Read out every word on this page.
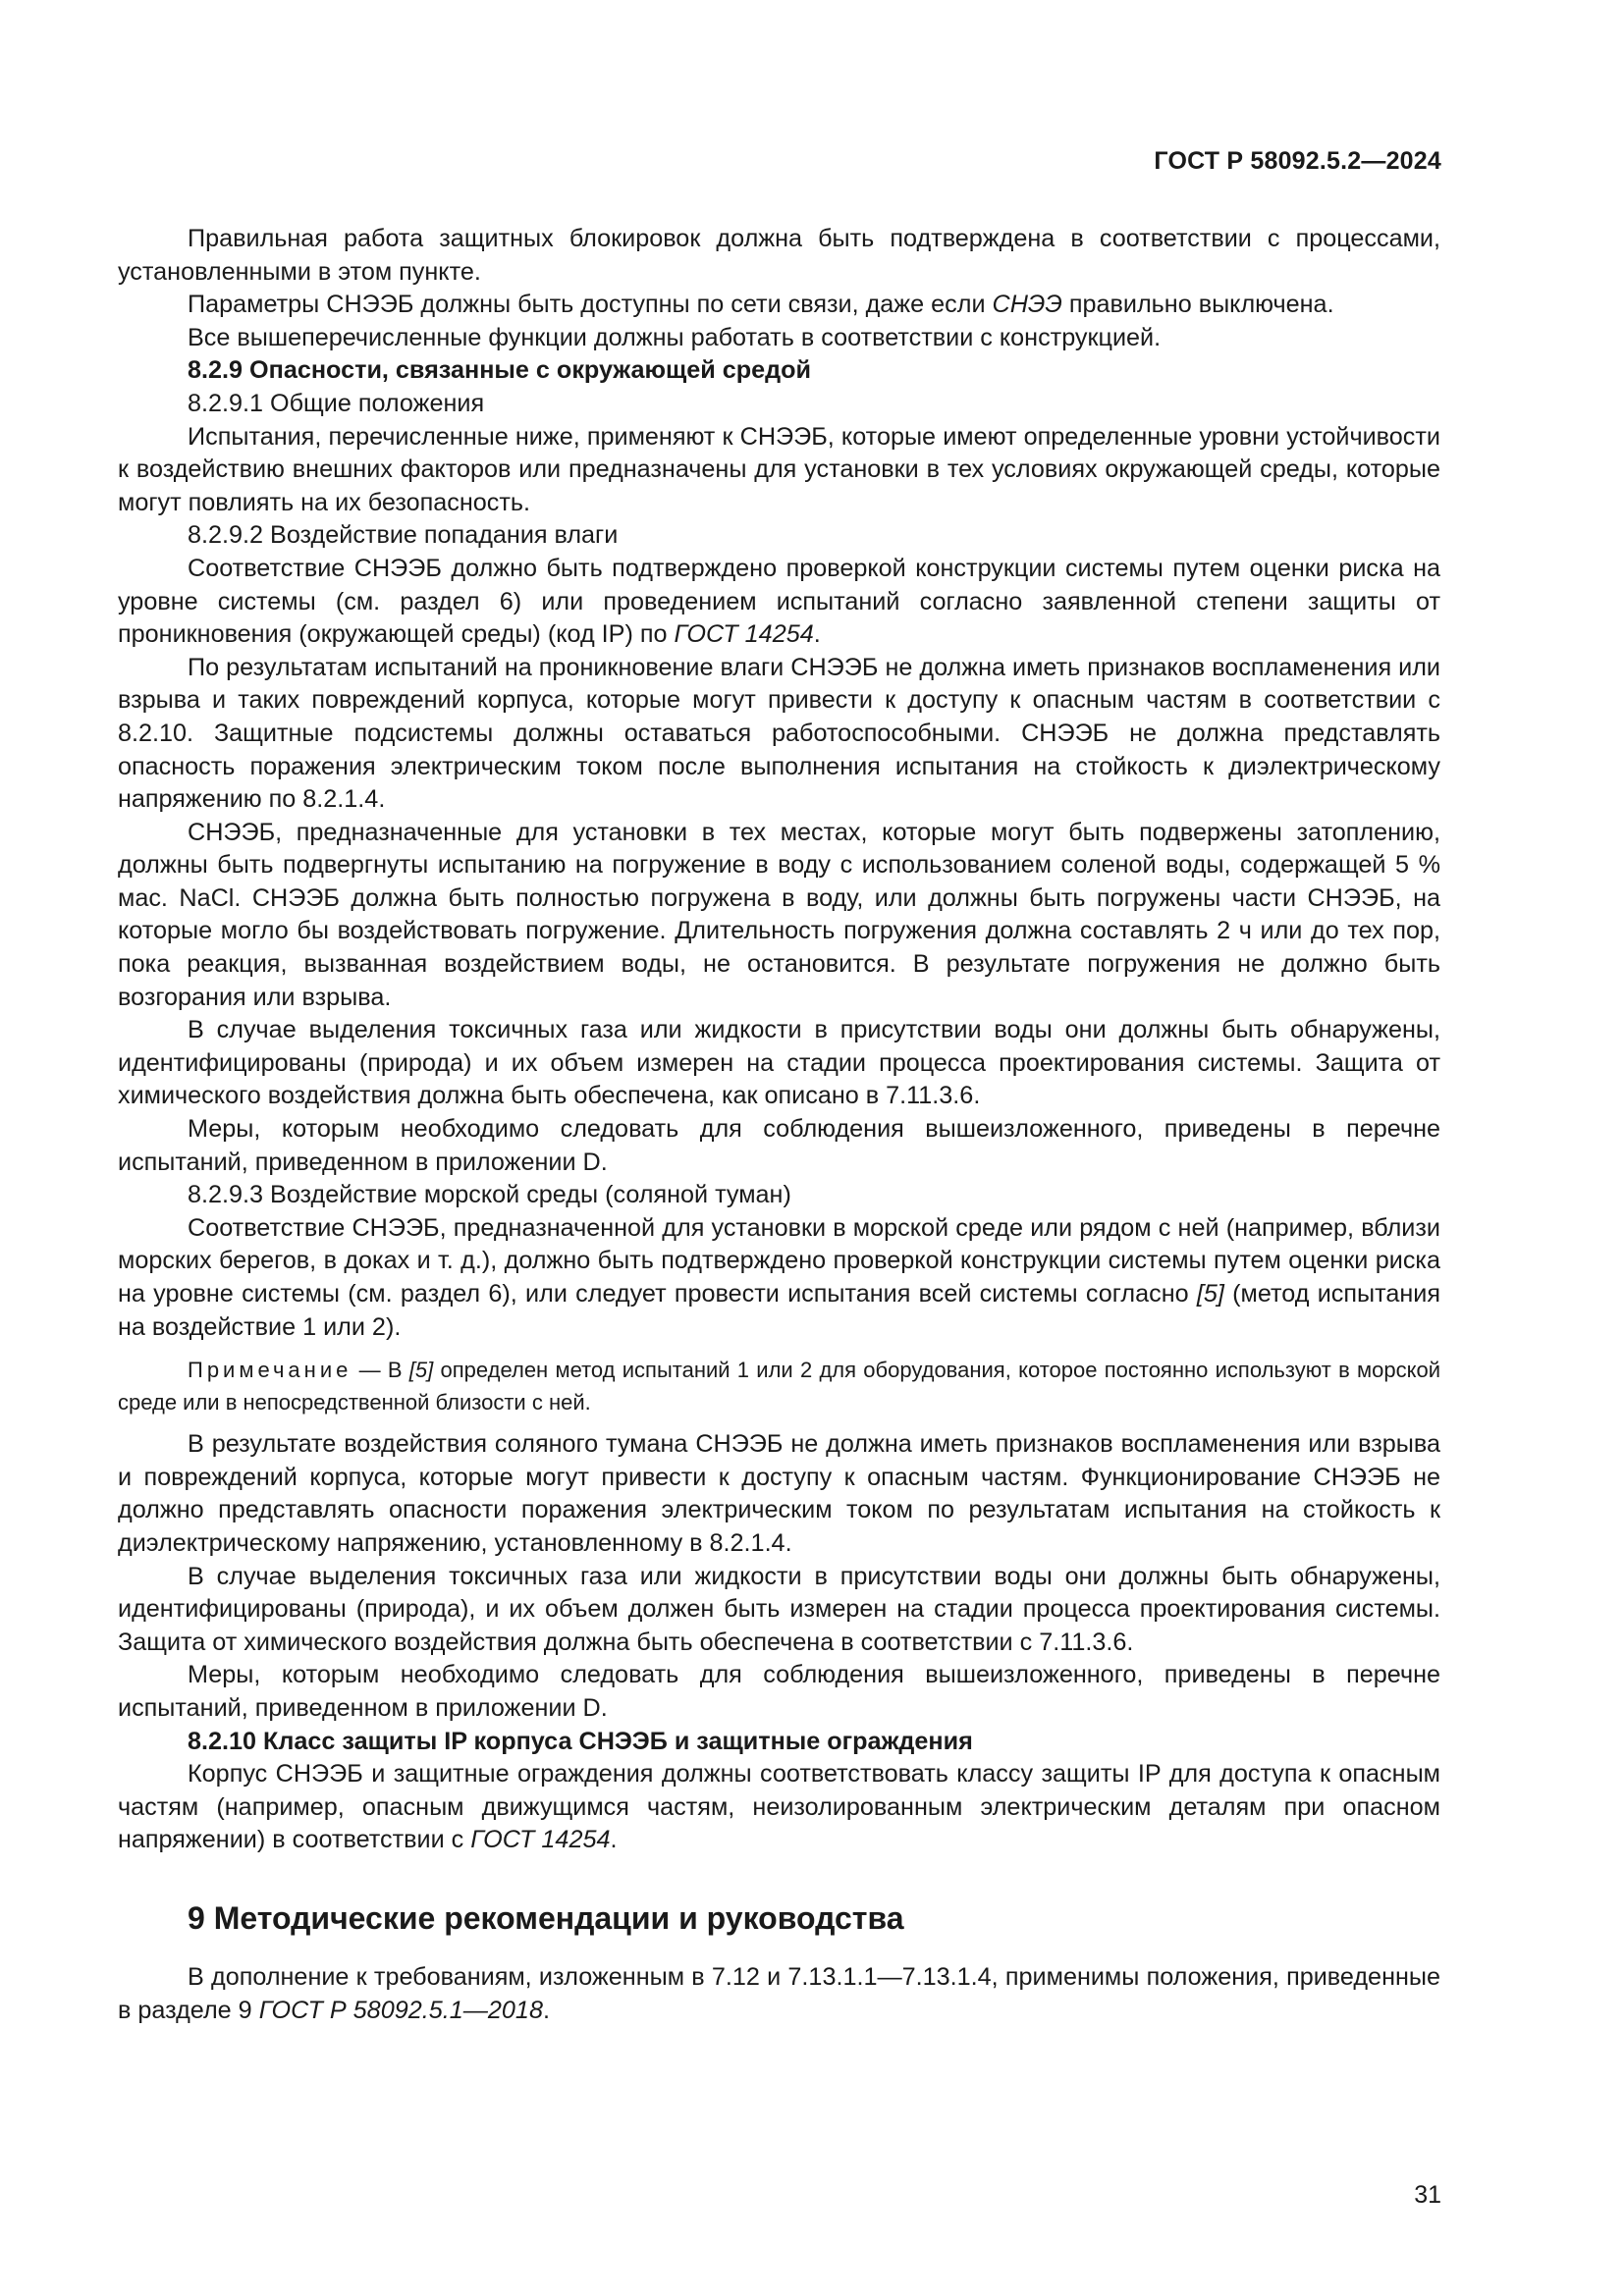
ГОСТ Р 58092.5.2—2024

Правильная работа защитных блокировок должна быть подтверждена в соответствии с процессами, установленными в этом пункте.

Параметры СНЭЭБ должны быть доступны по сети связи, даже если СНЭЭ правильно выключена.

Все вышеперечисленные функции должны работать в соответствии с конструкцией.

8.2.9 Опасности, связанные с окружающей средой

8.2.9.1 Общие положения

Испытания, перечисленные ниже, применяют к СНЭЭБ, которые имеют определенные уровни устойчивости к воздействию внешних факторов или предназначены для установки в тех условиях окружающей среды, которые могут повлиять на их безопасность.

8.2.9.2 Воздействие попадания влаги

Соответствие СНЭЭБ должно быть подтверждено проверкой конструкции системы путем оценки риска на уровне системы (см. раздел 6) или проведением испытаний согласно заявленной степени защиты от проникновения (окружающей среды) (код IP) по ГОСТ 14254.

По результатам испытаний на проникновение влаги СНЭЭБ не должна иметь признаков воспламенения или взрыва и таких повреждений корпуса, которые могут привести к доступу к опасным частям в соответствии с 8.2.10. Защитные подсистемы должны оставаться работоспособными. СНЭЭБ не должна представлять опасность поражения электрическим током после выполнения испытания на стойкость к диэлектрическому напряжению по 8.2.1.4.

СНЭЭБ, предназначенные для установки в тех местах, которые могут быть подвержены затоплению, должны быть подвергнуты испытанию на погружение в воду с использованием соленой воды, содержащей 5 % мас. NaCl. СНЭЭБ должна быть полностью погружена в воду, или должны быть погружены части СНЭЭБ, на которые могло бы воздействовать погружение. Длительность погружения должна составлять 2 ч или до тех пор, пока реакция, вызванная воздействием воды, не остановится. В результате погружения не должно быть возгорания или взрыва.

В случае выделения токсичных газа или жидкости в присутствии воды они должны быть обнаружены, идентифицированы (природа) и их объем измерен на стадии процесса проектирования системы. Защита от химического воздействия должна быть обеспечена, как описано в 7.11.3.6.

Меры, которым необходимо следовать для соблюдения вышеизложенного, приведены в перечне испытаний, приведенном в приложении D.

8.2.9.3 Воздействие морской среды (соляной туман)

Соответствие СНЭЭБ, предназначенной для установки в морской среде или рядом с ней (например, вблизи морских берегов, в доках и т. д.), должно быть подтверждено проверкой конструкции системы путем оценки риска на уровне системы (см. раздел 6), или следует провести испытания всей системы согласно [5] (метод испытания на воздействие 1 или 2).

Примечание — В [5] определен метод испытаний 1 или 2 для оборудования, которое постоянно используют в морской среде или в непосредственной близости с ней.

В результате воздействия соляного тумана СНЭЭБ не должна иметь признаков воспламенения или взрыва и повреждений корпуса, которые могут привести к доступу к опасным частям. Функционирование СНЭЭБ не должно представлять опасности поражения электрическим током по результатам испытания на стойкость к диэлектрическому напряжению, установленному в 8.2.1.4.

В случае выделения токсичных газа или жидкости в присутствии воды они должны быть обнаружены, идентифицированы (природа), и их объем должен быть измерен на стадии процесса проектирования системы. Защита от химического воздействия должна быть обеспечена в соответствии с 7.11.3.6.

Меры, которым необходимо следовать для соблюдения вышеизложенного, приведены в перечне испытаний, приведенном в приложении D.

8.2.10 Класс защиты IP корпуса СНЭЭБ и защитные ограждения

Корпус СНЭЭБ и защитные ограждения должны соответствовать классу защиты IP для доступа к опасным частям (например, опасным движущимся частям, неизолированным электрическим деталям при опасном напряжении) в соответствии с ГОСТ 14254.

9 Методические рекомендации и руководства

В дополнение к требованиям, изложенным в 7.12 и 7.13.1.1—7.13.1.4, применимы положения, приведенные в разделе 9 ГОСТ Р 58092.5.1—2018.

31
